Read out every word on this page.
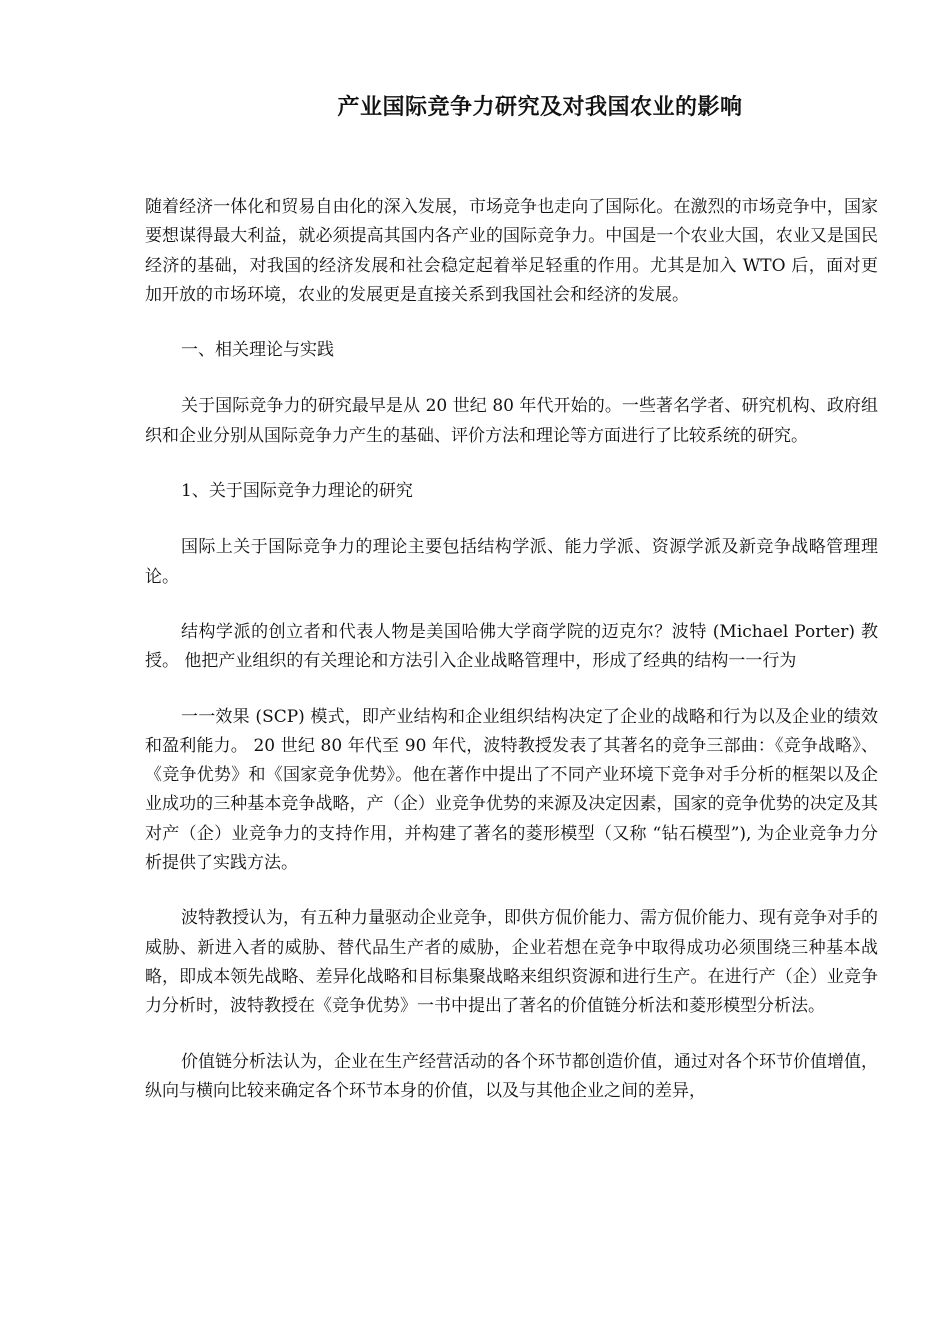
产业国际竞争力研究及对我国农业的影响

随着经济一体化和贸易自由化的深入发展，市场竞争也走向了国际化。在激烈的市场竞争中，国家要想谋得最大利益，就必须提高其国内各产业的国际竞争力。中国是一个农业大国，农业又是国民经济的基础，对我国的经济发展和社会稳定起着举足轻重的作用。尤其是加入 WTO 后，面对更加开放的市场环境，农业的发展更是直接关系到我国社会和经济的发展。

一、相关理论与实践

关于国际竞争力的研究最早是从 20 世纪 80 年代开始的。一些著名学者、研究机构、政府组织和企业分别从国际竞争力产生的基础、评价方法和理论等方面进行了比较系统的研究。

1、关于国际竞争力理论的研究

国际上关于国际竞争力的理论主要包括结构学派、能力学派、资源学派及新竞争战略管理理论。

结构学派的创立者和代表人物是美国哈佛大学商学院的迈克尔？波特 (Michael Porter) 教授。 他把产业组织的有关理论和方法引入企业战略管理中，形成了经典的结构一一行为

一一效果 (SCP) 模式，即产业结构和企业组织结构决定了企业的战略和行为以及企业的绩效和盈利能力。 20 世纪 80 年代至 90 年代，波特教授发表了其著名的竞争三部曲：《竞争战略》、《竞争优势》和《国家竞争优势》。他在著作中提出了不同产业环境下竞争对手分析的框架以及企业成功的三种基本竞争战略，产（企）业竞争优势的来源及决定因素，国家的竞争优势的决定及其对产（企）业竞争力的支持作用，并构建了著名的菱形模型（又称 “钻石模型”), 为企业竞争力分析提供了实践方法。

波特教授认为，有五种力量驱动企业竞争，即供方侃价能力、需方侃价能力、现有竞争对手的威胁、新进入者的威胁、替代品生产者的威胁，企业若想在竞争中取得成功必须围绕三种基本战略，即成本领先战略、差异化战略和目标集聚战略来组织资源和进行生产。在进行产（企）业竞争力分析时，波特教授在《竞争优势》一书中提出了著名的价值链分析法和菱形模型分析法。

价值链分析法认为，企业在生产经营活动的各个环节都创造价值，通过对各个环节价值增值，纵向与横向比较来确定各个环节本身的价值，以及与其他企业之间的差异，
